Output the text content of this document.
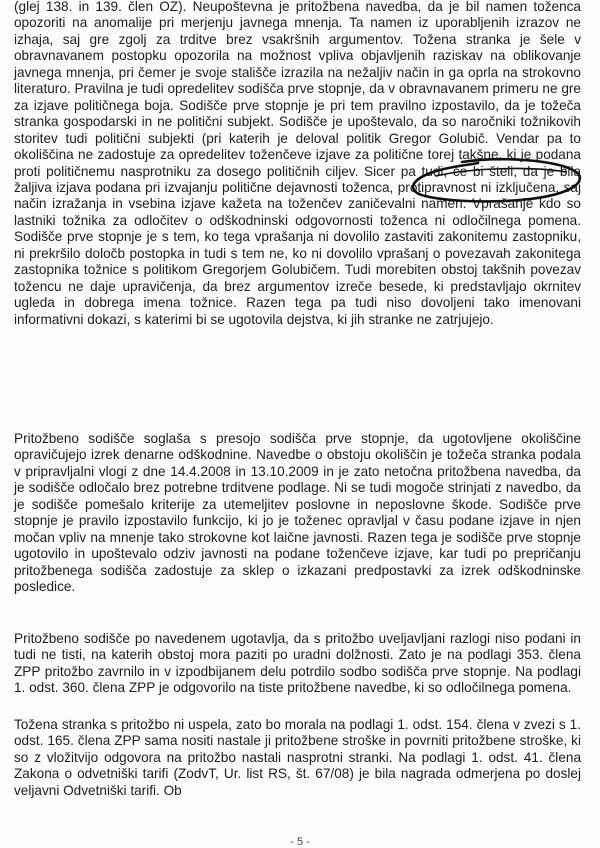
(glej 138. in 139. člen OZ). Neupoštevna je pritožbena navedba, da je bil namen toženca opozoriti na anomalije pri merjenju javnega mnenja. Ta namen iz uporabljenih izrazov ne izhaja, saj gre zgolj za trditve brez vsakršnih argumentov. Tožena stranka je šele v obravnavanem postopku opozorila na možnost vpliva objavljenih raziskav na oblikovanje javnega mnenja, pri čemer je svoje stališče izrazila na nežaljiv način in ga oprla na strokovno literaturo. Pravilna je tudi opredelitev sodišča prve stopnje, da v obravnavanem primeru ne gre za izjave političnega boja. Sodišče prve stopnje je pri tem pravilno izpostavilo, da je tožeča stranka gospodarski in ne politični subjekt. Sodišče je upoštevalo, da so naročniki tožnikovih storitev tudi politični subjekti (pri katerih je deloval politik Gregor Golubič. Vendar pa to okoliščina ne zadostuje za opredelitev toženčeve izjave za politične torej takšne, ki je podana proti političnemu nasprotniku za dosego političnih ciljev. Sicer pa tudi, če bi šteli, da je bila žaljiva izjava podana pri izvajanju politične dejavnosti toženca, protipravnost ni izključena, saj način izražanja in vsebina izjave kažeta na toženčev zaničevalni namen. Vprašanje kdo so lastniki tožnika za odločitev o odškodninski odgovornosti toženca ni odločilnega pomena. Sodišče prve stopnje je s tem, ko tega vprašanja ni dovolilo zastaviti zakonitemu zastopniku, ni prekršilo določb postopka in tudi s tem ne, ko ni dovolilo vprašanj o povezavah zakonitega zastopnika tožnice s politikom Gregorjem Golubičem. Tudi morebiten obstoj takšnih povezav tožencu ne daje upravičenja, da brez argumentov izreče besede, ki predstavljajo okrnitev ugleda in dobrega imena tožnice. Razen tega pa tudi niso dovoljeni tako imenovani informativni dokazi, s katerimi bi se ugotovila dejstva, ki jih stranke ne zatrjujejo.

Pritožbeno sodišče soglaša s presojo sodišča prve stopnje, da ugotovljene okoliščine opravičujejo izrek denarne odškodnine. Navedbe o obstoju okoliščin je tožeča stranka podala v pripravljalni vlogi z dne 14.4.2008 in 13.10.2009 in je zato netočna pritožbena navedba, da je sodišče odločalo brez potrebne trditvene podlage. Ni se tudi mogoče strinjati z navedbo, da je sodišče pomešalo kriterije za utemeljitev poslovne in neposlovne škode. Sodišče prve stopnje je pravilo izpostavilo funkcijo, ki jo je toženec opravljal v času podane izjave in njen močan vpliv na mnenje tako strokovne kot laične javnosti. Razen tega je sodišče prve stopnje ugotovilo in upoštevalo odziv javnosti na podane toženčeve izjave, kar tudi po prepričanju pritožbenega sodišča zadostuje za sklep o izkazani predpostavki za izrek odškodninske posledice.

Pritožbeno sodišče po navedenem ugotavlja, da s pritožbo uveljavljani razlogi niso podani in tudi ne tisti, na katerih obstoj mora paziti po uradni dolžnosti. Zato je na podlagi 353. člena ZPP pritožbo zavrnilo in v izpodbijanem delu potrdilo sodbo sodišča prve stopnje. Na podlagi 1. odst. 360. člena ZPP je odgovorilo na tiste pritožbene navedbe, ki so odločilnega pomena.

Tožena stranka s pritožbo ni uspela, zato bo morala na podlagi 1. odst. 154. člena v zvezi s 1. odst. 165. člena ZPP sama nositi nastale ji pritožbene stroške in povrniti pritožbene stroške, ki so z vložitvijo odgovora na pritožbo nastali nasprotni stranki. Na podlagi 1. odst. 41. člena Zakona o odvetniški tarifi (ZodvT, Ur. list RS, št. 67/08) je bila nagrada odmerjena po doslej veljavni Odvetniški tarifi. Ob

- 5 -
